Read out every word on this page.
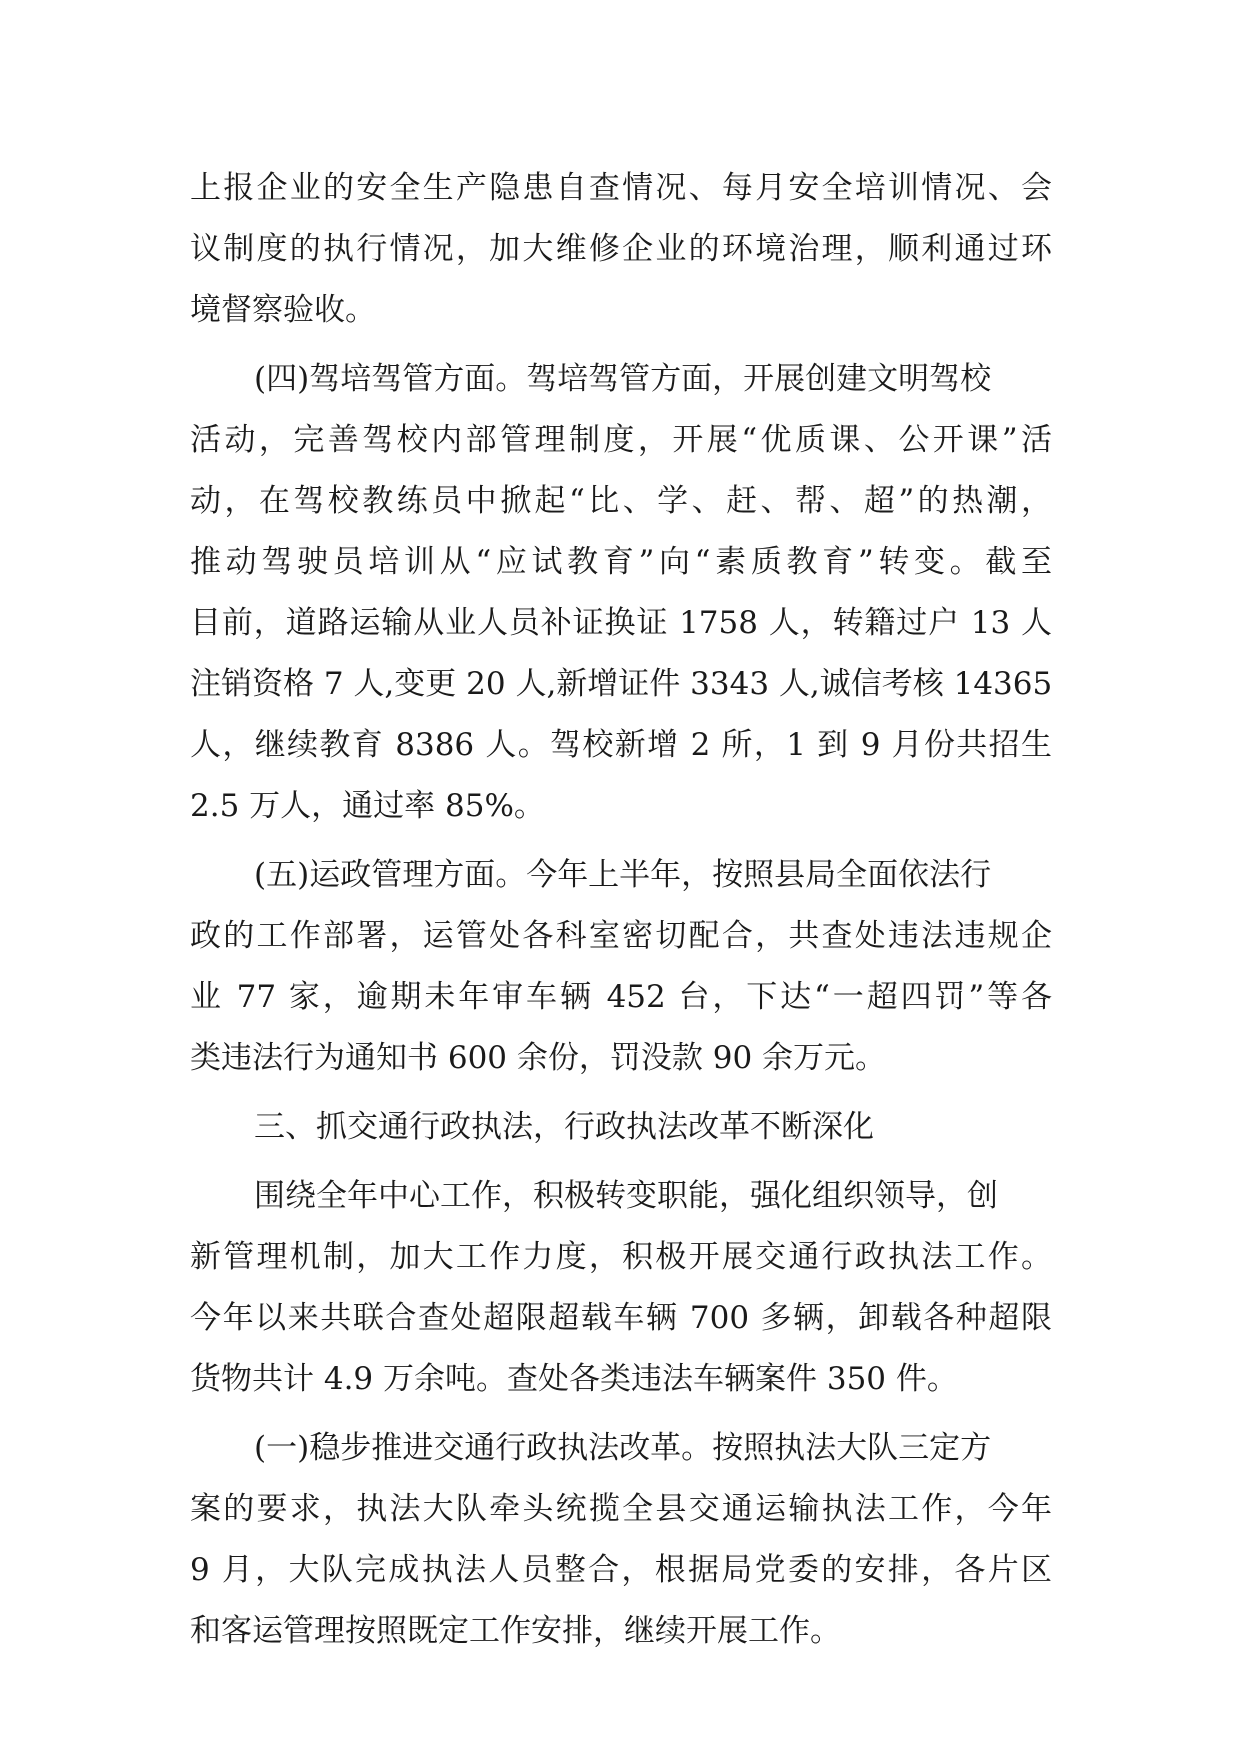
上报企业的安全生产隐患自查情况、每月安全培训情况、会
议制度的执行情况，加大维修企业的环境治理，顺利通过环
境督察验收。
(四)驾培驾管方面。驾培驾管方面，开展创建文明驾校
活动，完善驾校内部管理制度，开展“优质课、公开课”活
动，在驾校教练员中掀起“比、学、赶、帮、超”的热潮，
推动驾驶员培训从“应试教育”向“素质教育”转变。截至
目前，道路运输从业人员补证换证 1758 人，转籍过户 13 人
注销资格 7 人,变更 20 人,新增证件 3343 人,诚信考核 14365
人，继续教育 8386 人。驾校新增 2 所，1 到 9 月份共招生
2.5 万人，通过率 85%。
(五)运政管理方面。今年上半年，按照县局全面依法行
政的工作部署，运管处各科室密切配合，共查处违法违规企
业 77 家，逾期未年审车辆 452 台，下达“一超四罚”等各
类违法行为通知书 600 余份，罚没款 90 余万元。
三、抓交通行政执法，行政执法改革不断深化
围绕全年中心工作，积极转变职能，强化组织领导，创
新管理机制，加大工作力度，积极开展交通行政执法工作。
今年以来共联合查处超限超载车辆 700 多辆，卸载各种超限
货物共计 4.9 万余吨。查处各类违法车辆案件 350 件。
(一)稳步推进交通行政执法改革。按照执法大队三定方
案的要求，执法大队牵头统揽全县交通运输执法工作，今年
9 月，大队完成执法人员整合，根据局党委的安排，各片区
和客运管理按照既定工作安排，继续开展工作。
